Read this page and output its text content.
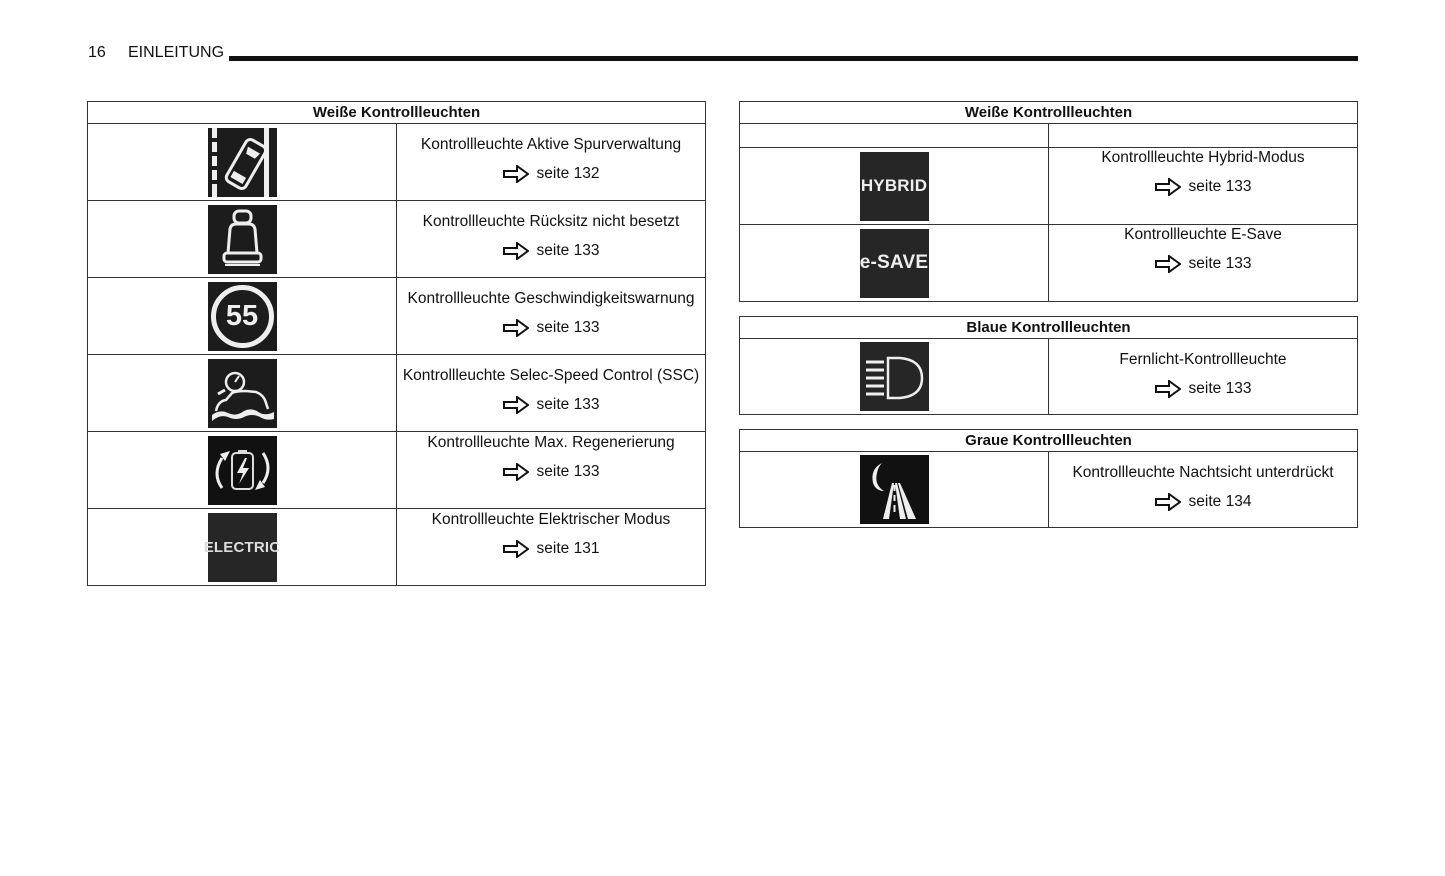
16 EINLEITUNG
Weiße Kontrollleuchten	

Kontrollleuchte Aktive Spurverwaltung
seite 132

Kontrollleuchte Rücksitz nicht besetzt
seite 133

55	Kontrollleuchte Geschwindigkeitswarnung
seite 133

Kontrollleuchte Selec-Speed Control (SSC)
seite 133

Kontrollleuchte Max. Regenerierung
seite 133

ELECTRIC	Kontrollleuchte Elektrischer Modus
seite 131
Weiße Kontrollleuchten	

HYBRID	Kontrollleuchte Hybrid-Modus
seite 133

e-SAVE	Kontrollleuchte E-Save
seite 133
Blaue Kontrollleuchten

Fernlicht-Kontrollleuchte
seite 133
Graue Kontrollleuchten

Kontrollleuchte Nachtsicht unterdrückt
seite 134
